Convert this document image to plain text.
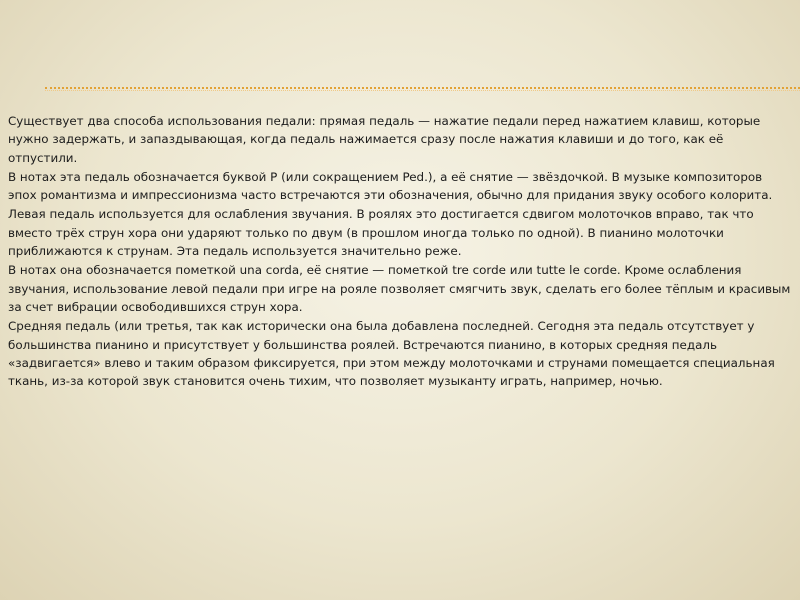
Существует два способа использования педали: прямая педаль — нажатие педали перед нажатием клавиш, которые нужно задержать, и запаздывающая, когда педаль нажимается сразу после нажатия клавиши и до того, как её отпустили.

В нотах эта педаль обозначается буквой P (или сокращением Ped.), а её снятие — звёздочкой. В музыке композиторов эпох романтизма и импрессионизма часто встречаются эти обозначения, обычно для придания звуку особого колорита.

Левая педаль используется для ослабления звучания. В роялях это достигается сдвигом молоточков вправо, так что вместо трёх струн хора они ударяют только по двум (в прошлом иногда только по одной). В пианино молоточки приближаются к струнам. Эта педаль используется значительно реже.

В нотах она обозначается пометкой una corda, её снятие — пометкой tre corde или tutte le corde. Кроме ослабления звучания, использование левой педали при игре на рояле позволяет смягчить звук, сделать его более тёплым и красивым за счет вибрации освободившихся струн хора.

Средняя педаль (или третья, так как исторически она была добавлена последней. Сегодня эта педаль отсутствует у большинства пианино и присутствует у большинства роялей. Встречаются пианино, в которых средняя педаль «задвигается» влево и таким образом фиксируется, при этом между молоточками и струнами помещается специальная ткань, из-за которой звук становится очень тихим, что позволяет музыканту играть, например, ночью.
